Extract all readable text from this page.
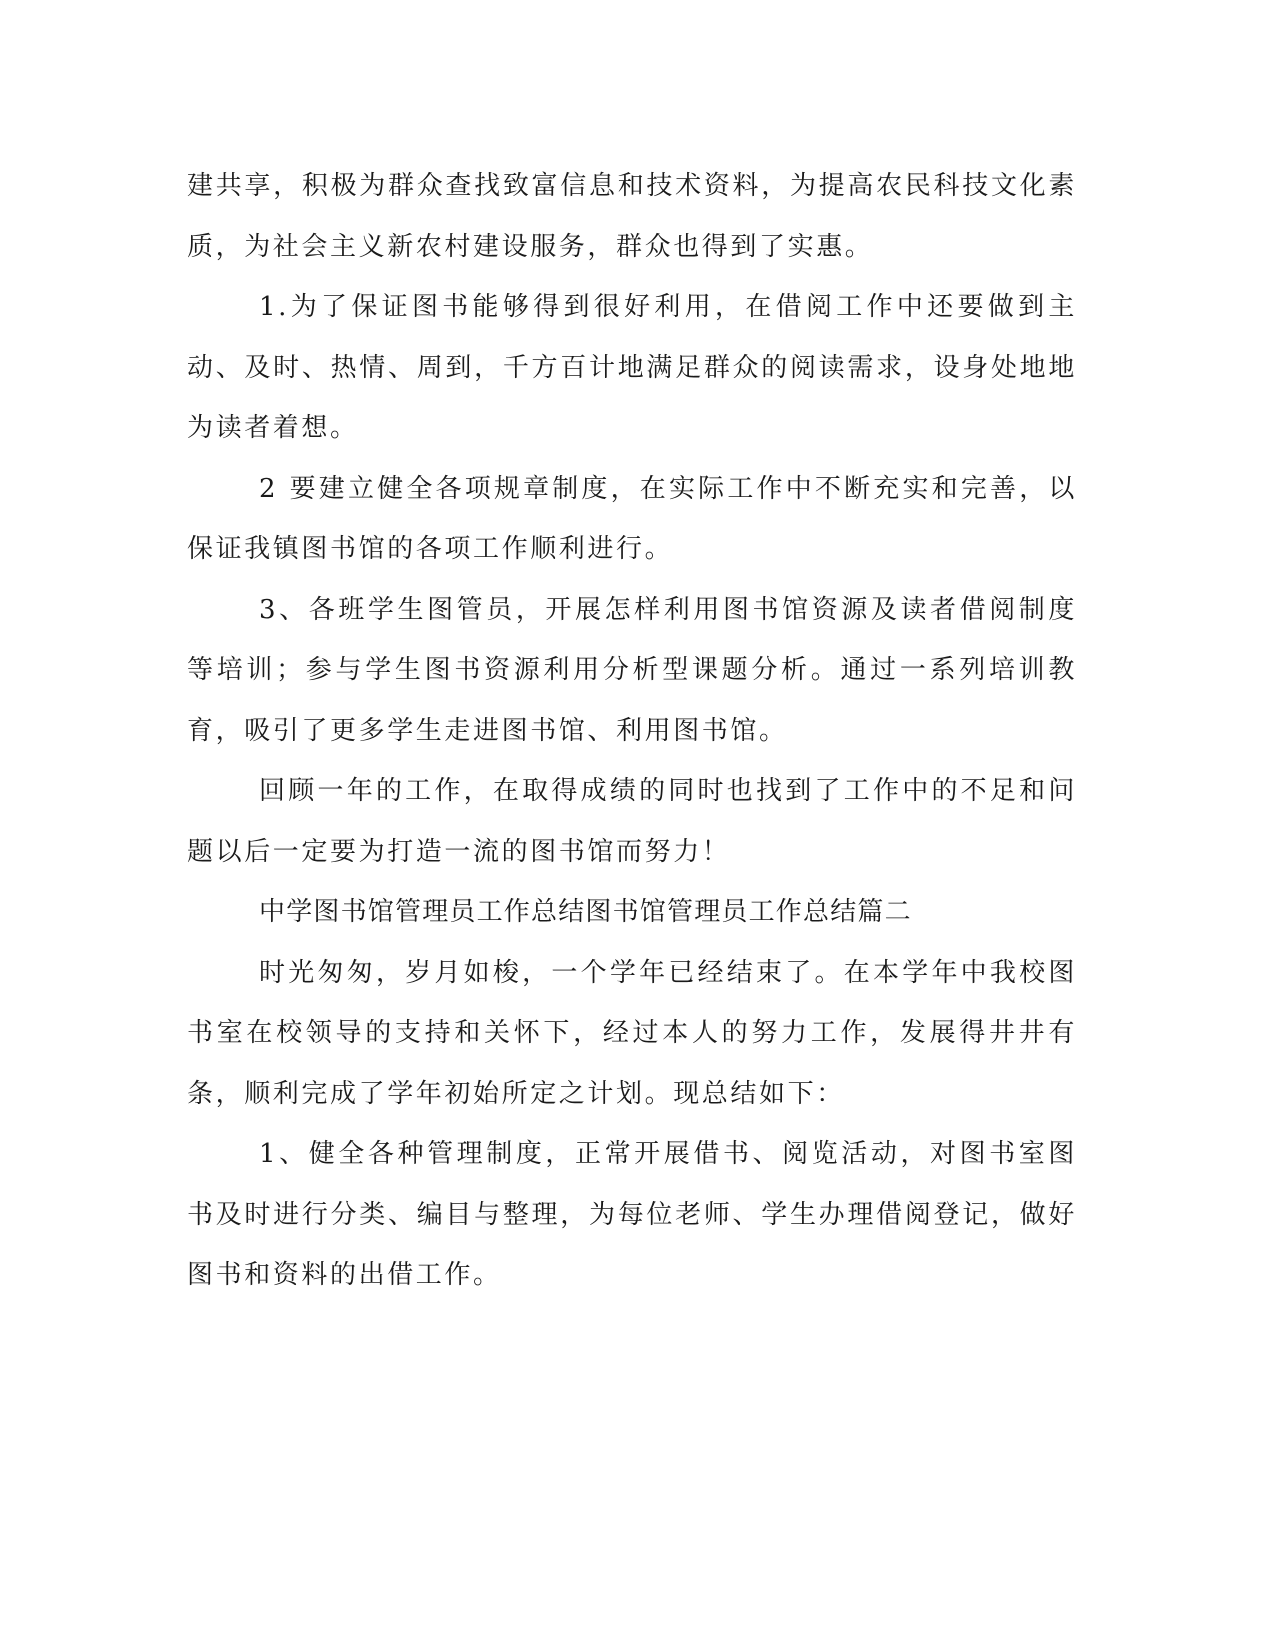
建共享，积极为群众查找致富信息和技术资料，为提高农民科技文化素质，为社会主义新农村建设服务，群众也得到了实惠。

1.为了保证图书能够得到很好利用，在借阅工作中还要做到主动、及时、热情、周到，千方百计地满足群众的阅读需求，设身处地地为读者着想。

2 要建立健全各项规章制度，在实际工作中不断充实和完善，以保证我镇图书馆的各项工作顺利进行。

3、各班学生图管员，开展怎样利用图书馆资源及读者借阅制度等培训；参与学生图书资源利用分析型课题分析。通过一系列培训教育，吸引了更多学生走进图书馆、利用图书馆。

回顾一年的工作，在取得成绩的同时也找到了工作中的不足和问题以后一定要为打造一流的图书馆而努力！

中学图书馆管理员工作总结图书馆管理员工作总结篇二

时光匆匆，岁月如梭，一个学年已经结束了。在本学年中我校图书室在校领导的支持和关怀下，经过本人的努力工作，发展得井井有条，顺利完成了学年初始所定之计划。现总结如下：

1、健全各种管理制度，正常开展借书、阅览活动，对图书室图书及时进行分类、编目与整理，为每位老师、学生办理借阅登记，做好图书和资料的出借工作。
